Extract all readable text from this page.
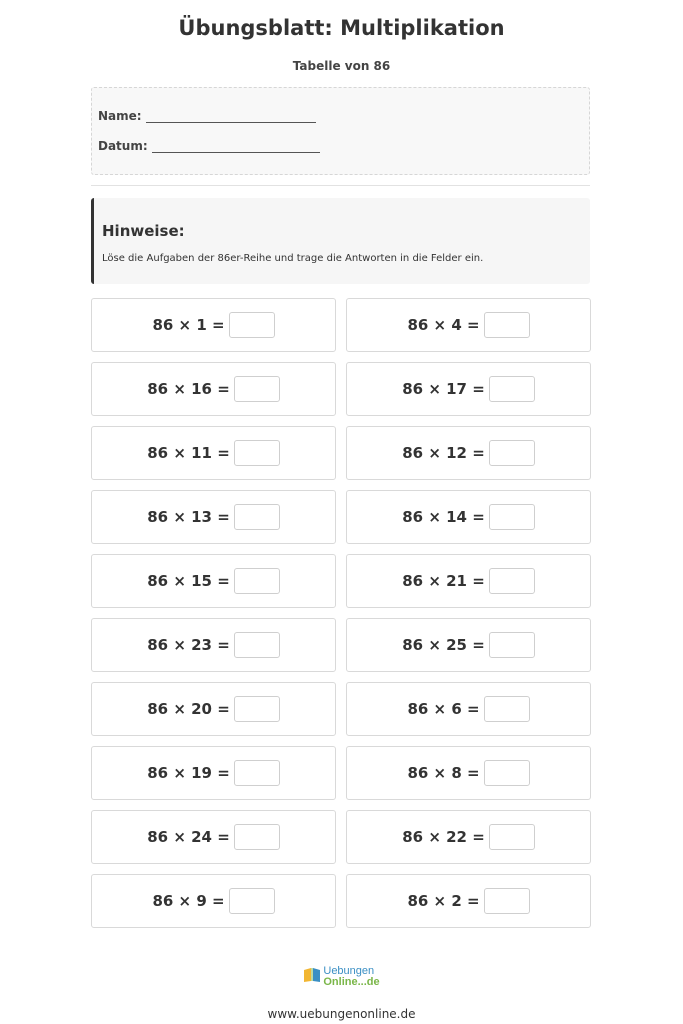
Übungsblatt: Multiplikation
Tabelle von 86
Name:
Datum:
Hinweise:
Löse die Aufgaben der 86er-Reihe und trage die Antworten in die Felder ein.
86 × 1 =	86 × 4 =
86 × 16 =	86 × 17 =
86 × 11 =	86 × 12 =
86 × 13 =	86 × 14 =
86 × 15 =	86 × 21 =
86 × 23 =	86 × 25 =
86 × 20 =	86 × 6 =
86 × 19 =	86 × 8 =
86 × 24 =	86 × 22 =
86 × 9 =	86 × 2 =
Uebungen
Online...de
www.uebungenonline.de
